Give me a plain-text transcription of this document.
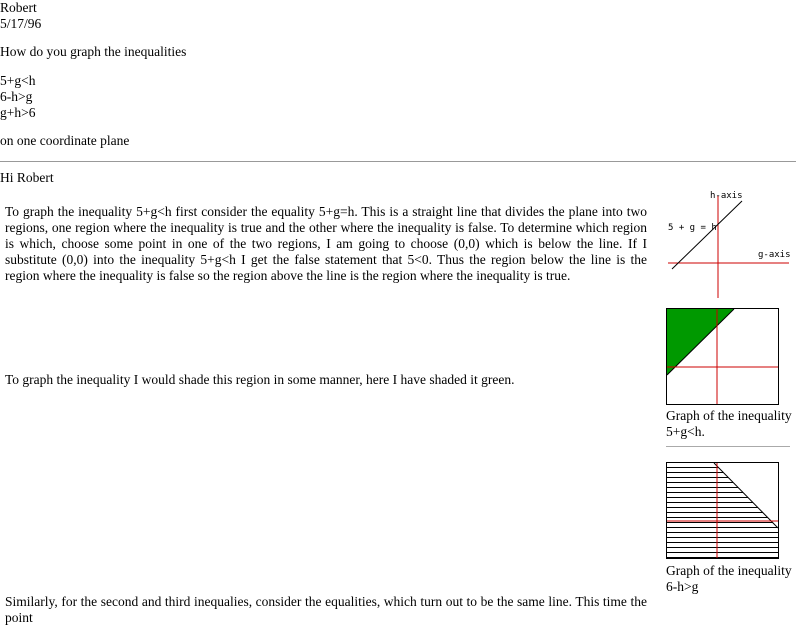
Robert
5/17/96
How do you graph the inequalities
5+g<h
6-h>g
g+h>6
on one coordinate plane
Hi Robert
To graph the inequality 5+g<h first consider the equality 5+g=h. This is a straight line that divides the plane into two regions, one region where the inequality is true and the other where the inequality is false. To determine which region is which, choose some point in one of the two regions, I am going to choose (0,0) which is below the line. If I substitute (0,0) into the inequality 5+g<h I get the false statement that 5<0. Thus the region below the line is the region where the inequality is false so the region above the line is the region where the inequality is true.
To graph the inequality I would shade this region in some manner, here I have shaded it green.
Similarly, for the second and third inequalies, consider the equalities, which turn out to be the same line. This time the point
h-axis
g-axis
5 + g = h
Graph of the inequality
5+g<h.
Graph of the inequality
6-h>g
